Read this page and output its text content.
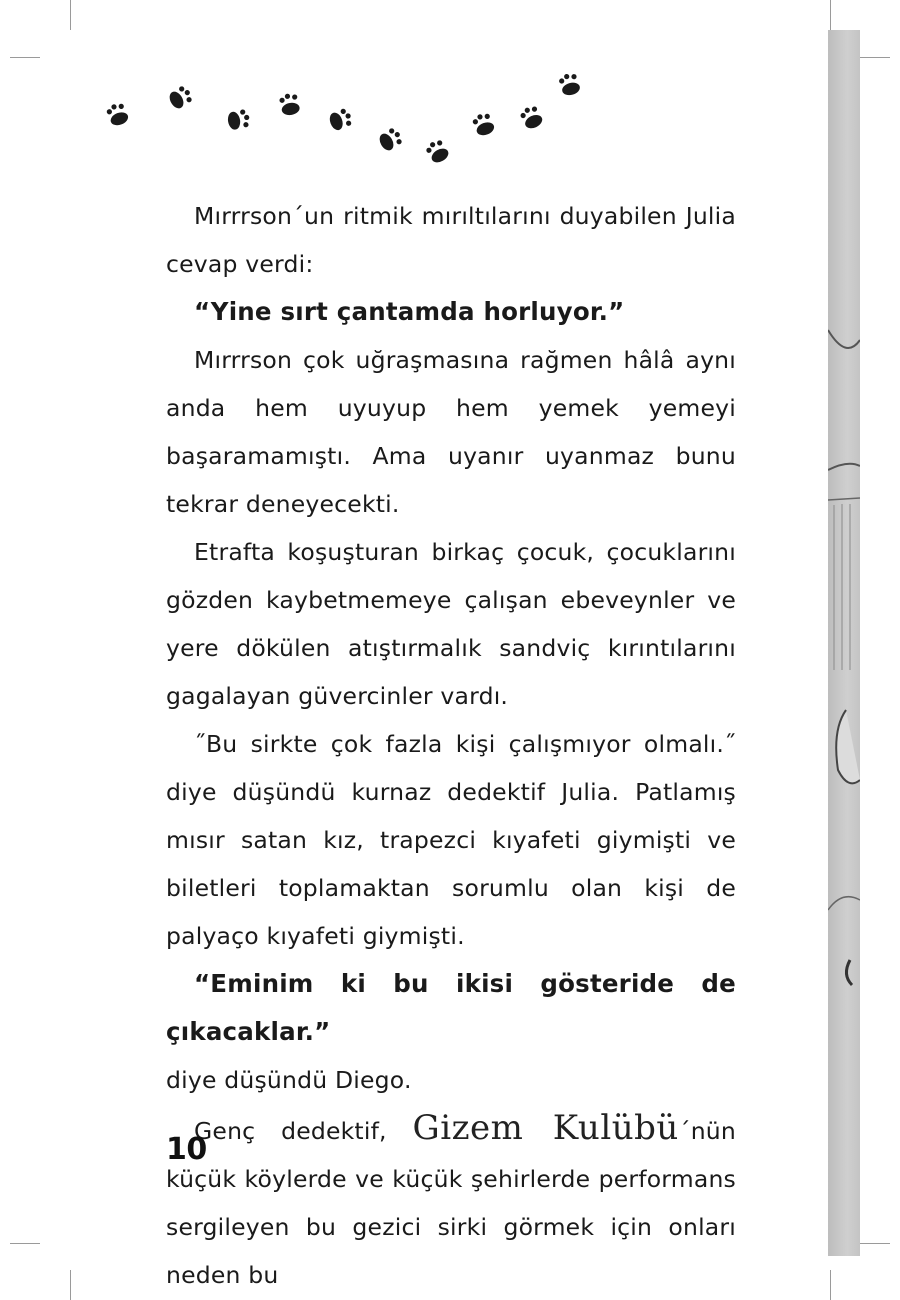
Mırrrson´un ritmik mırıltılarını duyabilen Julia cevap verdi:

“Yine sırt çantamda horluyor.”

Mırrrson çok uğraşmasına rağmen hâlâ aynı anda hem uyuyup hem yemek yemeyi başaramamıştı. Ama uyanır uyanmaz bunu tekrar deneyecekti.

Etrafta koşuşturan birkaç çocuk, çocuklarını gözden kaybetmemeye çalışan ebeveynler ve yere dökülen atıştırmalık sandviç kırıntılarını gagalayan güvercinler vardı.

˝Bu sirkte çok fazla kişi çalışmıyor olmalı.˝ diye düşündü kurnaz dedektif Julia. Patlamış mısır satan kız, trapezci kıyafeti giymişti ve biletleri toplamaktan sorumlu olan kişi de palyaço kıyafeti giymişti.

“Eminim ki bu ikisi gösteride de çıkacaklar.”

diye düşündü Diego.

Genç dedektif, Gizem Kulübü´nün küçük köylerde ve küçük şehirlerde performans sergileyen bu gezici sirki görmek için onları neden bu

10
